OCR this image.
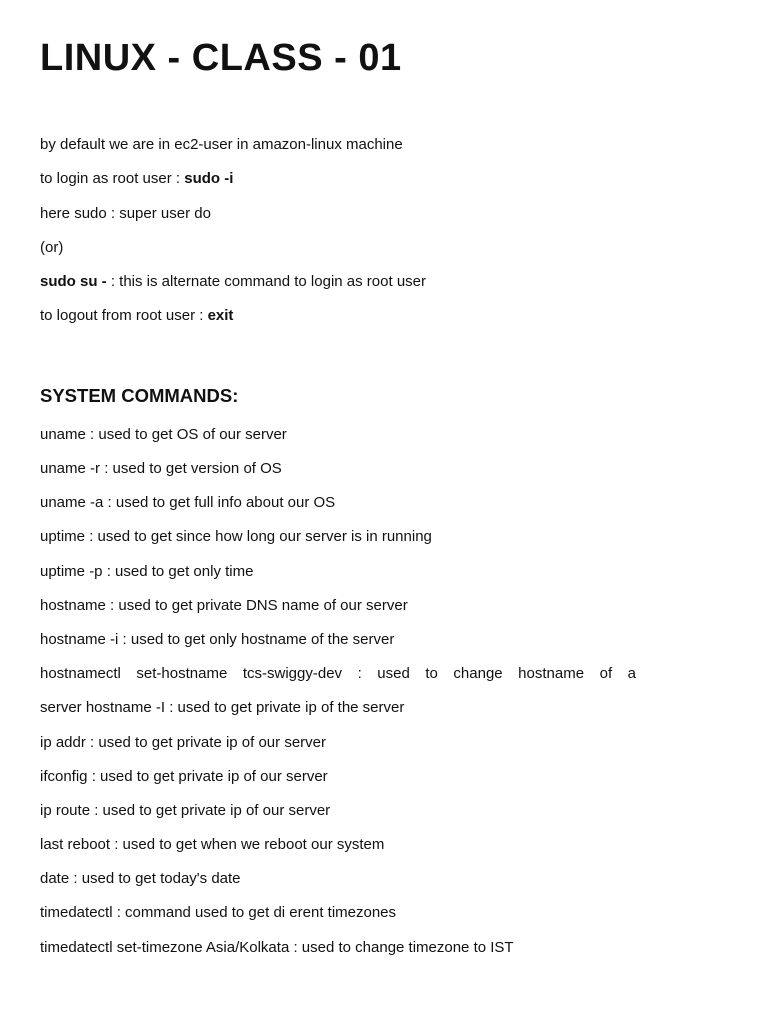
LINUX - CLASS - 01

by default we are in ec2-user in amazon-linux machine

to login as root user : sudo -i

here sudo : super user do

(or)

sudo su - : this is alternate command to login as root user

to logout from root user : exit

SYSTEM COMMANDS:

uname : used to get OS of our server

uname -r : used to get version of OS

uname -a : used to get full info about our OS

uptime : used to get since how long our server is in running

uptime -p : used to get only time

hostname : used to get private DNS name of our server

hostname -i : used to get only hostname of the server

hostnamectl set-hostname tcs-swiggy-dev : used to change hostname of a

server hostname -I : used to get private ip of the server

ip addr : used to get private ip of our server

ifconfig : used to get private ip of our server

ip route : used to get private ip of our server

last reboot : used to get when we reboot our system

date : used to get today's date

timedatectl : command used to get di erent timezones

timedatectl set-timezone Asia/Kolkata : used to change timezone to IST
